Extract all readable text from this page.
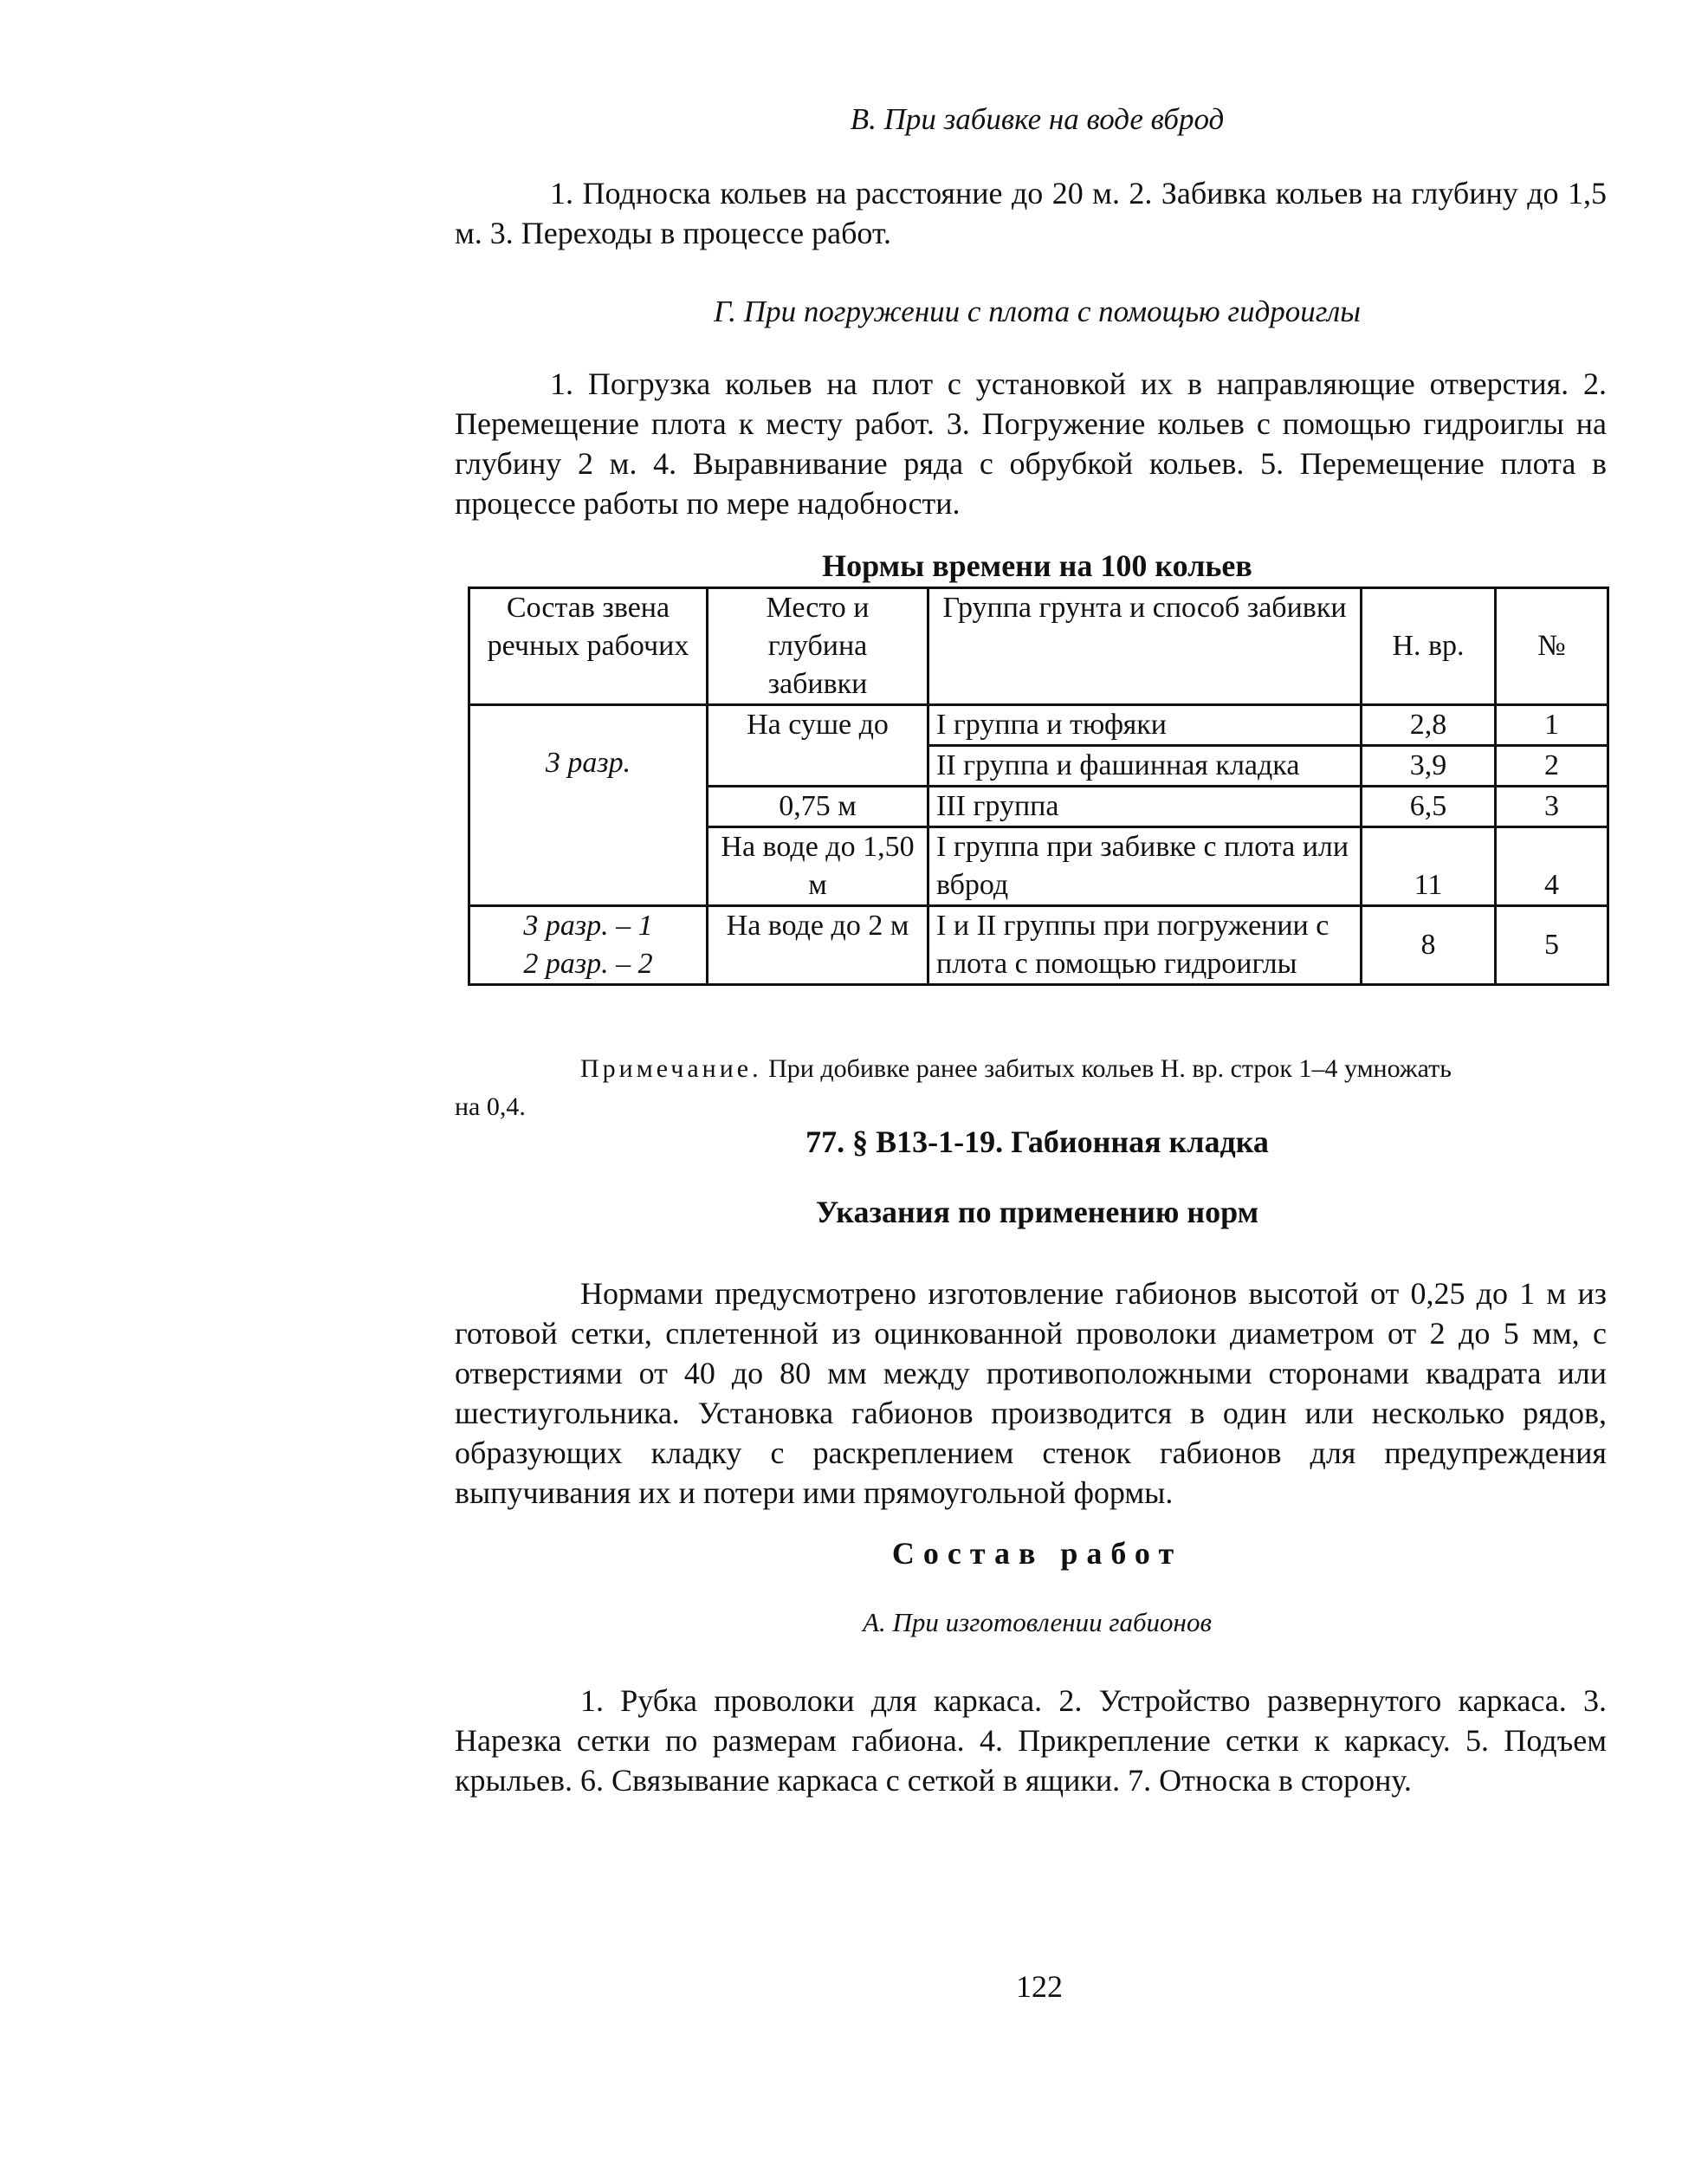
В. При забивке на воде вброд
1. Подноска кольев на расстояние до 20 м. 2. Забивка кольев на глубину до 1,5 м. 3. Переходы в процессе работ.
Г. При погружении с плота с помощью гидроиглы
1. Погрузка кольев на плот с установкой их в направляющие отверстия. 2. Перемещение плота к месту работ. 3. Погружение кольев с помощью гидроиглы на глубину 2 м. 4. Выравнивание ряда с обрубкой кольев. 5. Перемещение плота в процессе работы по мере надобности.
Нормы времени на 100 кольев
Состав звена речных рабочих	Место и глубина забивки	Группа грунта и способ забивки	Н. вр.	№

3 разр.	На суше до	I группа и тюфяки	2,8	1
		II группа и фашинная кладка	3,9	2
	0,75 м	III группа	6,5	3
	На воде до 1,50 м	I группа при забивке с плота или вброд	11	4

3 разр. – 1
2 разр. – 2	На воде до 2 м	I и II группы при погружении с плота с помощью гидроиглы	8	5
Примечание. При добивке ранее забитых кольев Н. вр. строк 1–4 умножать
на 0,4.
77. § В13-1-19. Габионная кладка
Указания по применению норм
Нормами предусмотрено изготовление габионов высотой от 0,25 до 1 м из готовой сетки, сплетенной из оцинкованной проволоки диаметром от 2 до 5 мм, с отверстиями от 40 до 80 мм между противоположными сторонами квадрата или шестиугольника. Установка габионов производится в один или несколько рядов, образующих кладку с раскреплением стенок габионов для предупреждения выпучивания их и потери ими прямоугольной формы.
Состав работ
А. При изготовлении габионов
1. Рубка проволоки для каркаса. 2. Устройство развернутого каркаса. 3. Нарезка сетки по размерам габиона. 4. Прикрепление сетки к каркасу. 5. Подъем крыльев. 6. Связывание каркаса с сеткой в ящики. 7. Относка в сторону.
122
